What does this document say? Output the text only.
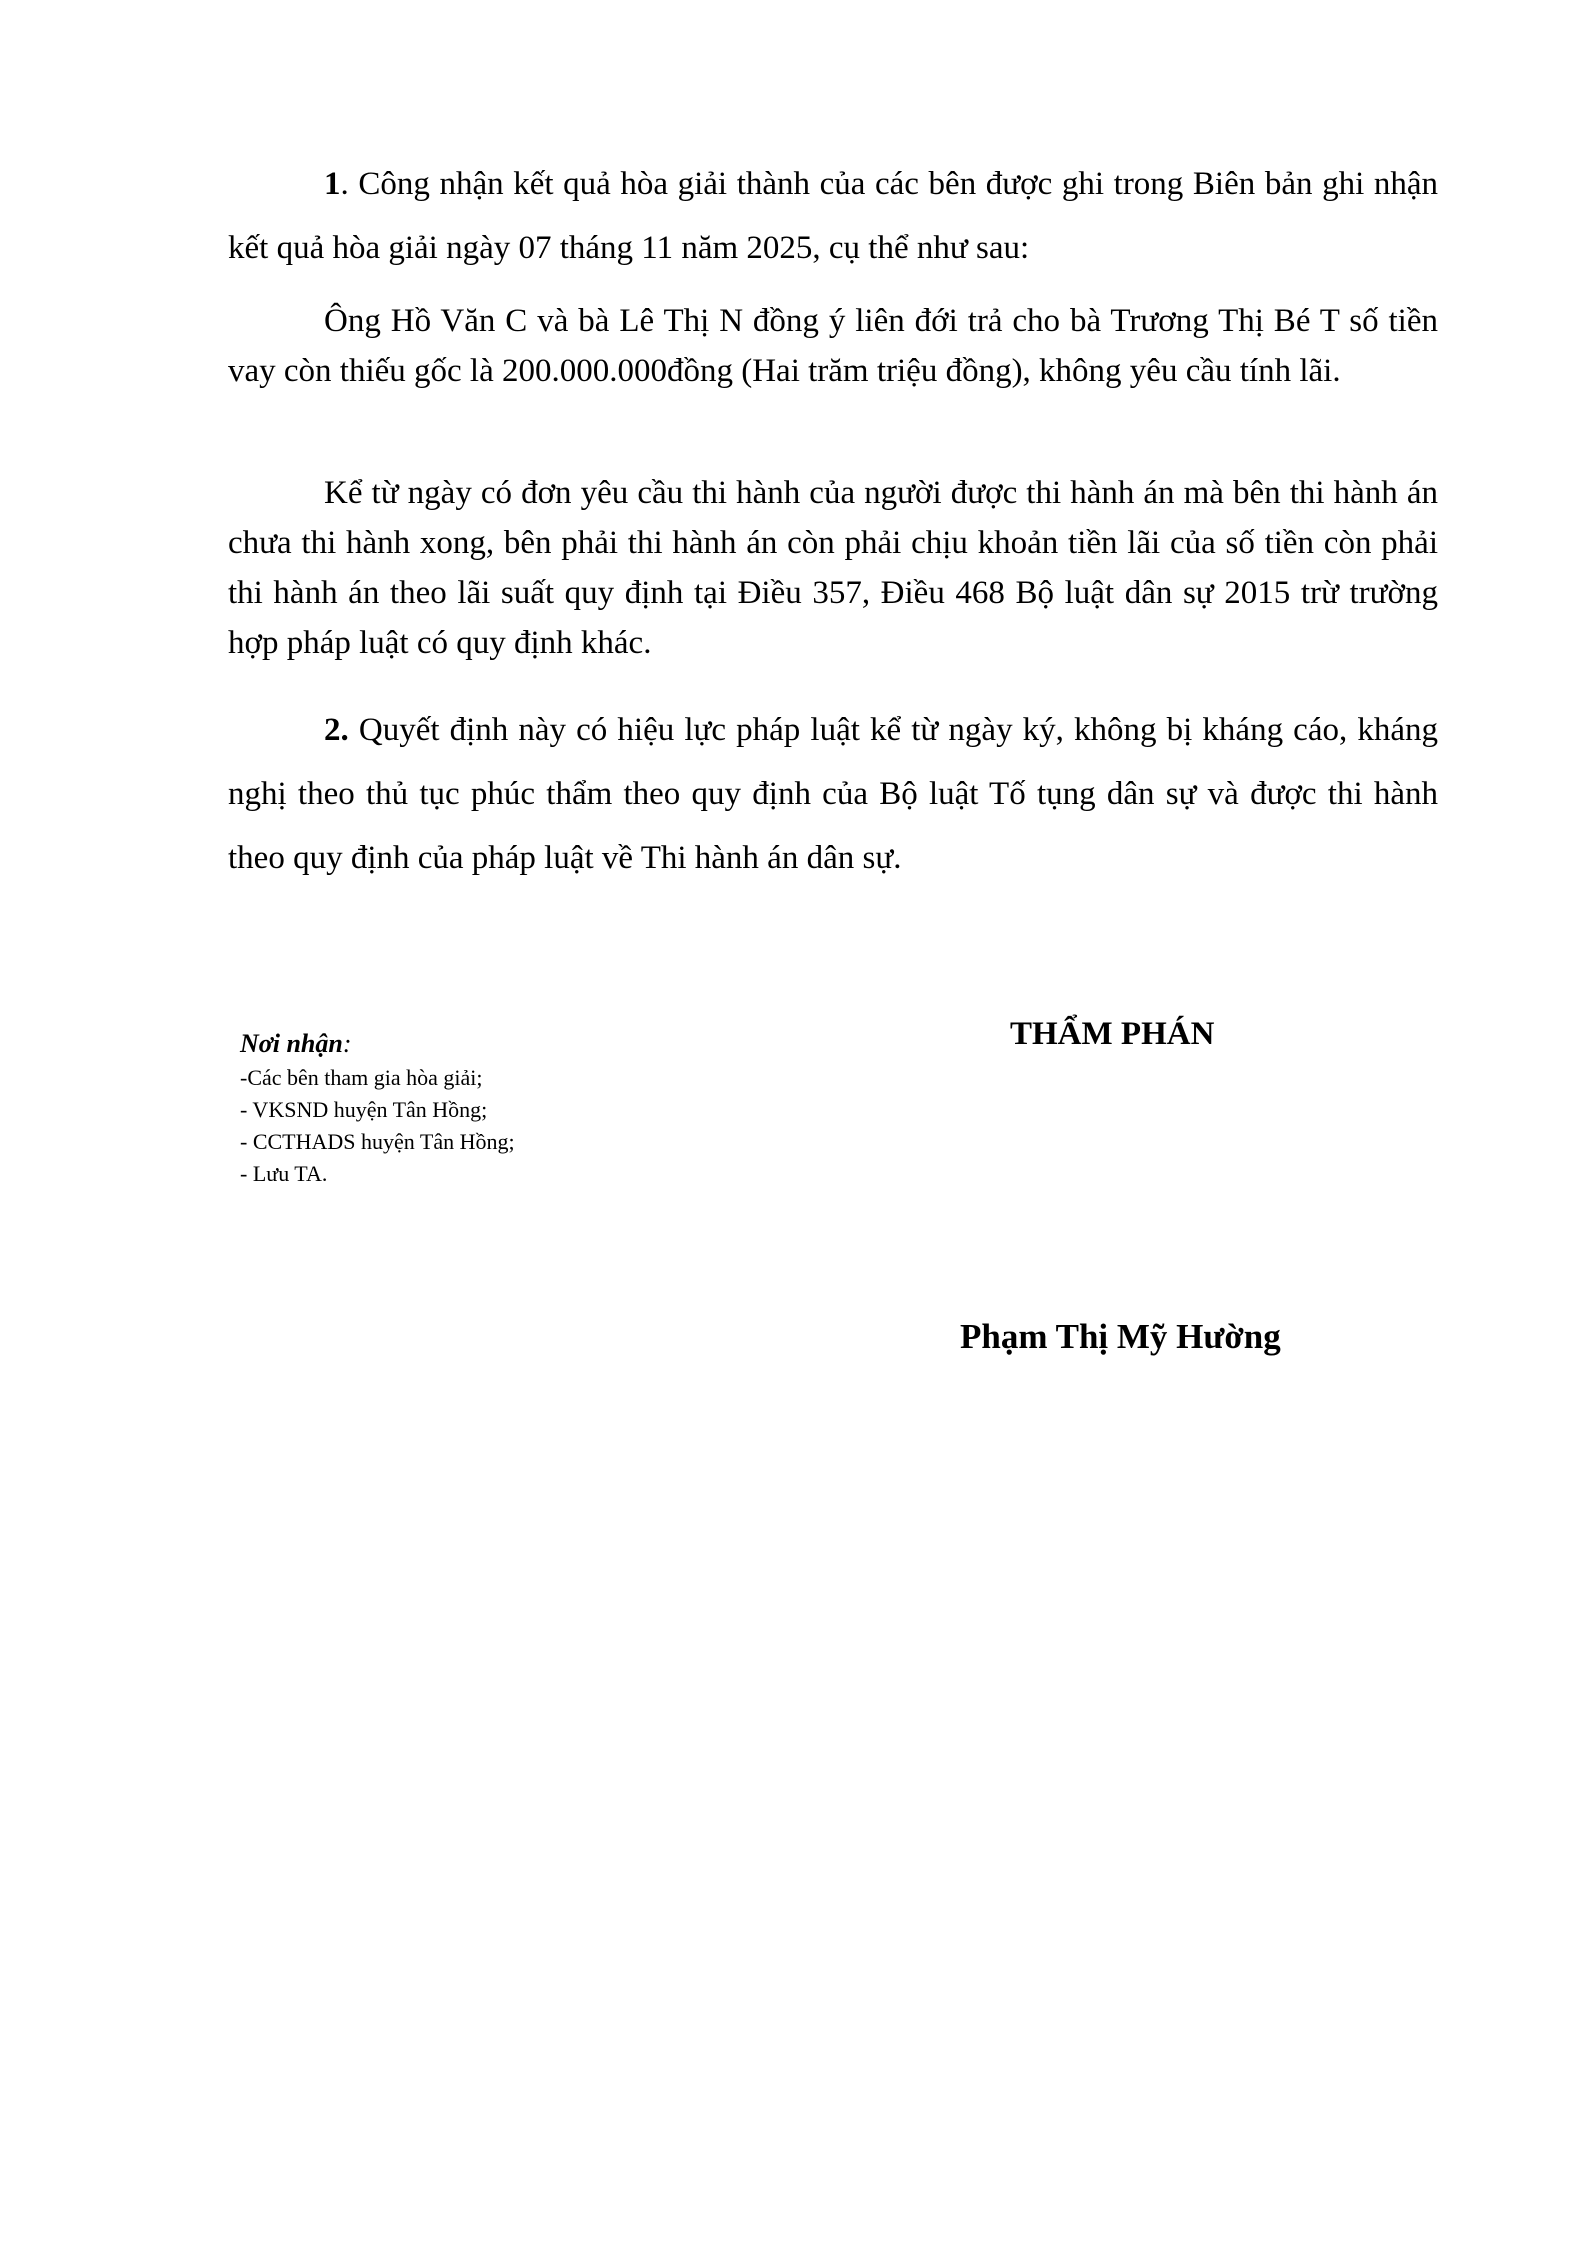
1. Công nhận kết quả hòa giải thành của các bên được ghi trong Biên bản ghi nhận kết quả hòa giải ngày 07 tháng 11 năm 2025, cụ thể như sau:

Ông Hồ Văn C và bà Lê Thị N đồng ý liên đới trả cho bà Trương Thị Bé T số tiền vay còn thiếu gốc là 200.000.000đồng (Hai trăm triệu đồng), không yêu cầu tính lãi.

Kể từ ngày có đơn yêu cầu thi hành của người được thi hành án mà bên thi hành án chưa thi hành xong, bên phải thi hành án còn phải chịu khoản tiền lãi của số tiền còn phải thi hành án theo lãi suất quy định tại Điều 357, Điều 468 Bộ luật dân sự 2015 trừ trường hợp pháp luật có quy định khác.

2. Quyết định này có hiệu lực pháp luật kể từ ngày ký, không bị kháng cáo, kháng nghị theo thủ tục phúc thẩm theo quy định của Bộ luật Tố tụng dân sự và được thi hành theo quy định của pháp luật về Thi hành án dân sự.

Nơi nhận:
-Các bên tham gia hòa giải;
- VKSND huyện Tân Hồng;
- CCTHADS huyện Tân Hồng;
- Lưu TA.
THẨM PHÁN
Phạm Thị Mỹ Hường
